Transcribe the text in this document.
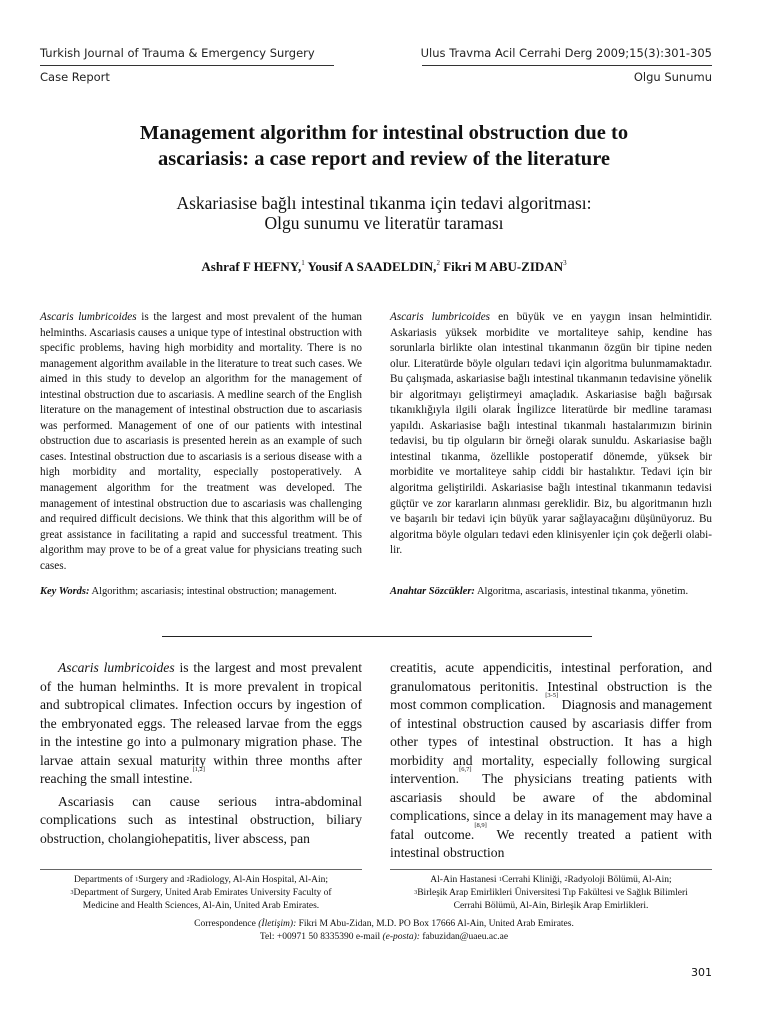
Turkish Journal of Trauma & Emergency Surgery	Ulus Travma Acil Cerrahi Derg 2009;15(3):301-305
Case Report	Olgu Sunumu
Management algorithm for intestinal obstruction due to
ascariasis: a case report and review of the literature
Askariasise bağlı intestinal tıkanma için tedavi algoritması:
Olgu sunumu ve literatür taraması
Ashraf F HEFNY,$^1$ Yousif A SAADELDIN,$^2$ Fikri M ABU-ZIDAN$^3$
Ascaris lumbricoides is the largest and most prevalent of the human helminths. Ascariasis causes a unique type of intestinal obstruction with specific problems, having high morbidity and mortality. There is no management algorithm available in the literature to treat such cases. We aimed in this study to develop an algorithm for the management of intestinal obstruction due to ascariasis. A medline search of the English literature on the management of intestinal obstruction due to ascariasis was performed. Management of one of our patients with intestinal obstruction due to ascariasis is presented herein as an example of such cases. Intestinal obstruction due to ascariasis is a serious disease with a high morbidity and mortality, especially postoperatively. A management algorithm for the treatment was developed. The management of intestinal obstruction due to ascariasis was challenging and required difficult decisions. We think that this algorithm will be of great assistance in facilitating a rapid and successful treatment. This algorithm may prove to be of a great value for physicians treating such cases.
Ascaris lumbricoides en büyük ve en yaygın insan helmintidir. Askariasis yüksek morbidite ve mortaliteye sahip, kendine has sorunlarla birlikte olan intestinal tıkanmanın özgün bir tipine neden olur. Literatürde böyle olguları tedavi için algoritma bulunmamaktadır. Bu çalışmada, askariasise bağlı intestinal tıkanmanın tedavisine yönelik bir algoritmayı geliştirmeyi amaçladık. Askariasise bağlı bağırsak tıkanıklığıyla ilgili olarak İngilizce literatürde bir medline taraması yapıldı. Askariasise bağlı intestinal tıkanmalı hastalarımızın birinin tedavisi, bu tip olguların bir örneği olarak sunuldu. Askariasise bağlı intestinal tıkanma, özellikle postoperatif dönemde, yüksek bir morbidite ve mortaliteye sahip ciddi bir hastalıktır. Tedavi için bir algoritma geliştirildi. Askariasise bağlı intestinal tıkanmanın tedavisi güçtür ve zor kararların alınması gereklidir. Biz, bu algoritmanın hızlı ve başarılı bir tedavi için büyük yarar sağlayacağını düşünüyoruz. Bu algoritma böyle olguları tedavi eden klinisyenler için çok değerli olabilir.
Key Words: Algorithm; ascariasis; intestinal obstruction; management.	Anahtar Sözcükler: Algoritma, ascariasis, intestinal tıkanma, yönetim.

Ascaris lumbricoides is the largest and most prevalent of the human helminths. It is more prevalent in tropical and subtropical climates. Infection occurs by ingestion of the embryonated eggs. The released larvae from the eggs in the intestine go into a pulmonary migration phase. The larvae attain sexual maturity within three months after reaching the small intestine.[1,2]

Ascariasis can cause serious intra-abdominal complications such as intestinal obstruction, biliary obstruction, cholangiohepatitis, liver abscess, pan

creatitis, acute appendicitis, intestinal perforation, and granulomatous peritonitis. Intestinal obstruction is the most common complication.[3-5] Diagnosis and management of intestinal obstruction caused by ascariasis differ from other types of intestinal obstruction. It has a high morbidity and mortality, especially following surgical intervention.[6,7] The physicians treating patients with ascariasis should be aware of the abdominal complications, since a delay in its management may have a fatal outcome.[8,9] We recently treated a patient with intestinal obstruction

Departments of $^1$Surgery and $^2$Radiology, Al-Ain Hospital, Al-Ain;
$^3$Department of Surgery, United Arab Emirates University Faculty of
Medicine and Health Sciences, Al-Ain, United Arab Emirates.
Al-Ain Hastanesi $^1$Cerrahi Kliniği, $^2$Radyoloji Bölümü, Al-Ain;
$^3$Birleşik Arap Emirlikleri Üniversitesi Tıp Fakültesi ve Sağlık Bilimleri
Cerrahi Bölümü, Al-Ain, Birleşik Arap Emirlikleri.
Correspondence (İletişim): Fikri M Abu-Zidan, M.D. PO Box 17666 Al-Ain, United Arab Emirates.
Tel: +00971 50 8335390 e-mail (e-posta): fabuzidan@uaeu.ac.ae
301
